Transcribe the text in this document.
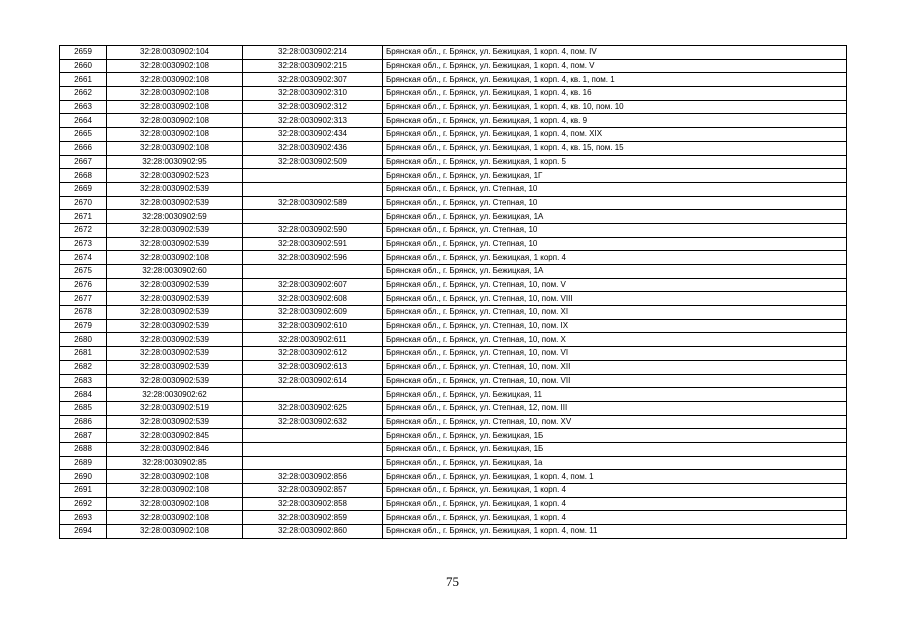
2659	32:28:0030902:104	32:28:0030902:214	Брянская обл., г. Брянск, ул. Бежицкая, 1 корп. 4, пом. IV
2660	32:28:0030902:108	32:28:0030902:215	Брянская обл., г. Брянск, ул. Бежицкая, 1 корп. 4, пом. V
2661	32:28:0030902:108	32:28:0030902:307	Брянская обл., г. Брянск, ул. Бежицкая, 1 корп. 4, кв. 1, пом. 1
2662	32:28:0030902:108	32:28:0030902:310	Брянская обл., г. Брянск, ул. Бежицкая, 1 корп. 4, кв. 16
2663	32:28:0030902:108	32:28:0030902:312	Брянская обл., г. Брянск, ул. Бежицкая, 1 корп. 4, кв. 10, пом. 10
2664	32:28:0030902:108	32:28:0030902:313	Брянская обл., г. Брянск, ул. Бежицкая, 1 корп. 4, кв. 9
2665	32:28:0030902:108	32:28:0030902:434	Брянская обл., г. Брянск, ул. Бежицкая, 1 корп. 4, пом. XIX
2666	32:28:0030902:108	32:28:0030902:436	Брянская обл., г. Брянск, ул. Бежицкая, 1 корп. 4, кв. 15, пом. 15
2667	32:28:0030902:95	32:28:0030902:509	Брянская обл., г. Брянск, ул. Бежицкая, 1 корп. 5
2668	32:28:0030902:523		Брянская обл., г. Брянск, ул. Бежицкая, 1Г
2669	32:28:0030902:539		Брянская обл., г. Брянск, ул. Степная, 10
2670	32:28:0030902:539	32:28:0030902:589	Брянская обл., г. Брянск, ул. Степная, 10
2671	32:28:0030902:59		Брянская обл., г. Брянск, ул. Бежицкая, 1А
2672	32:28:0030902:539	32:28:0030902:590	Брянская обл., г. Брянск, ул. Степная, 10
2673	32:28:0030902:539	32:28:0030902:591	Брянская обл., г. Брянск, ул. Степная, 10
2674	32:28:0030902:108	32:28:0030902:596	Брянская обл., г. Брянск, ул. Бежицкая, 1 корп. 4
2675	32:28:0030902:60		Брянская обл., г. Брянск, ул. Бежицкая, 1А
2676	32:28:0030902:539	32:28:0030902:607	Брянская обл., г. Брянск, ул. Степная, 10, пом. V
2677	32:28:0030902:539	32:28:0030902:608	Брянская обл., г. Брянск, ул. Степная, 10, пом. VIII
2678	32:28:0030902:539	32:28:0030902:609	Брянская обл., г. Брянск, ул. Степная, 10, пом. XI
2679	32:28:0030902:539	32:28:0030902:610	Брянская обл., г. Брянск, ул. Степная, 10, пом. IX
2680	32:28:0030902:539	32:28:0030902:611	Брянская обл., г. Брянск, ул. Степная, 10, пом. X
2681	32:28:0030902:539	32:28:0030902:612	Брянская обл., г. Брянск, ул. Степная, 10, пом. VI
2682	32:28:0030902:539	32:28:0030902:613	Брянская обл., г. Брянск, ул. Степная, 10, пом. XII
2683	32:28:0030902:539	32:28:0030902:614	Брянская обл., г. Брянск, ул. Степная, 10, пом. VII
2684	32:28:0030902:62		Брянская обл., г. Брянск, ул. Бежицкая, 11
2685	32:28:0030902:519	32:28:0030902:625	Брянская обл., г. Брянск, ул. Степная, 12, пом. III
2686	32:28:0030902:539	32:28:0030902:632	Брянская обл., г. Брянск, ул. Степная, 10, пом. XV
2687	32:28:0030902:845		Брянская обл., г. Брянск, ул. Бежицкая, 1Б
2688	32:28:0030902:846		Брянская обл., г. Брянск, ул. Бежицкая, 1Б
2689	32:28:0030902:85		Брянская обл., г. Брянск, ул. Бежицкая, 1а
2690	32:28:0030902:108	32:28:0030902:856	Брянская обл., г. Брянск, ул. Бежицкая, 1 корп. 4, пом. 1
2691	32:28:0030902:108	32:28:0030902:857	Брянская обл., г. Брянск, ул. Бежицкая, 1 корп. 4
2692	32:28:0030902:108	32:28:0030902:858	Брянская обл., г. Брянск, ул. Бежицкая, 1 корп. 4
2693	32:28:0030902:108	32:28:0030902:859	Брянская обл., г. Брянск, ул. Бежицкая, 1 корп. 4
2694	32:28:0030902:108	32:28:0030902:860	Брянская обл., г. Брянск, ул. Бежицкая, 1 корп. 4, пом. 11
75
